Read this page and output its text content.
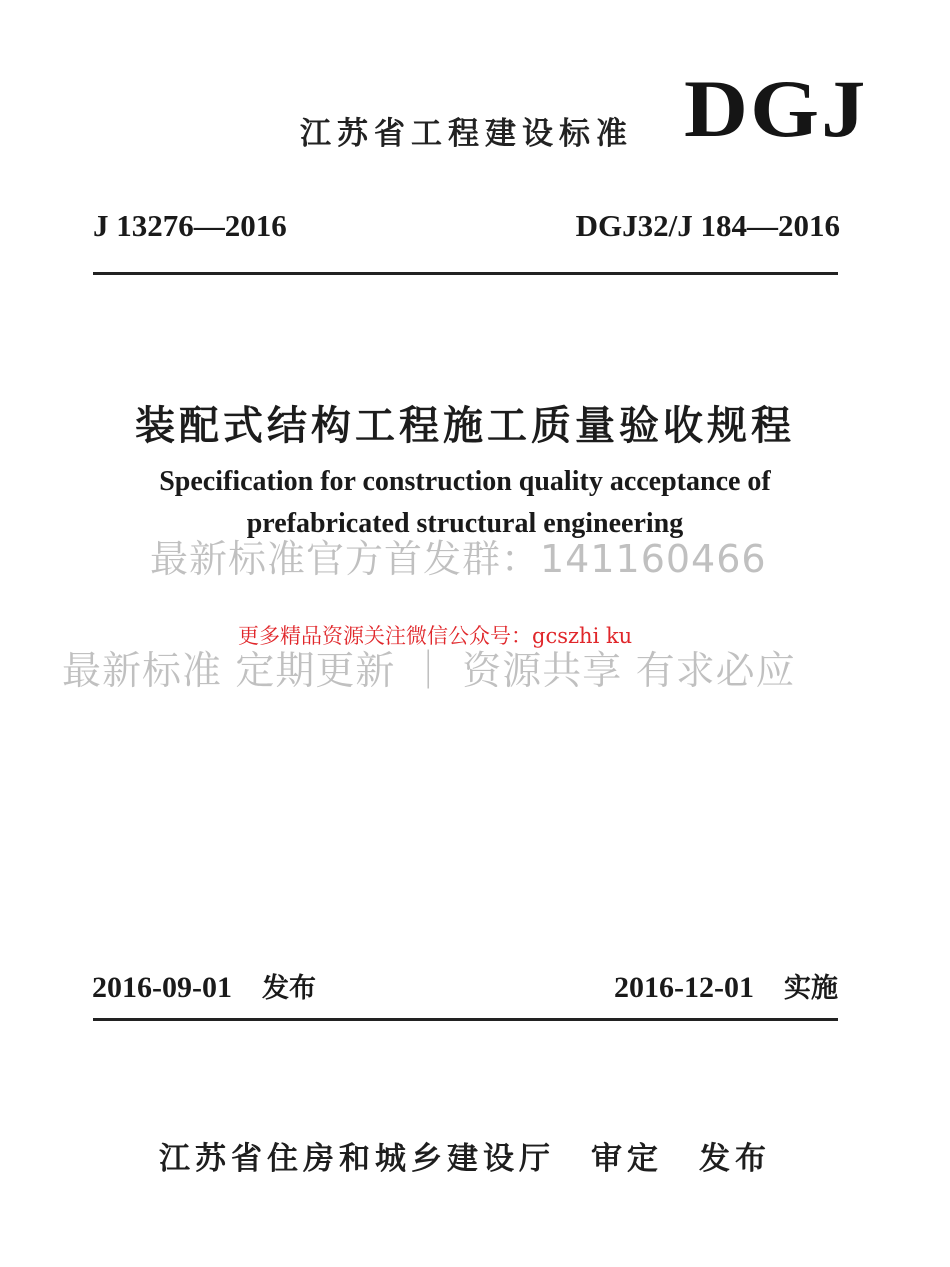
江苏省工程建设标准 DGJ
J 13276—2016	DGJ32/J 184—2016
装配式结构工程施工质量验收规程
Specification for construction quality acceptance of
最新标准官方首发群：141160466
prefabricated structural engineering
最新标准 定期更新 ｜ 资源共享 有求必应
更多精品资源关注微信公众号：gcszhi ku
2016-09-01 发布	2016-12-01 实施
江苏省住房和城乡建设厅 审定 发布
